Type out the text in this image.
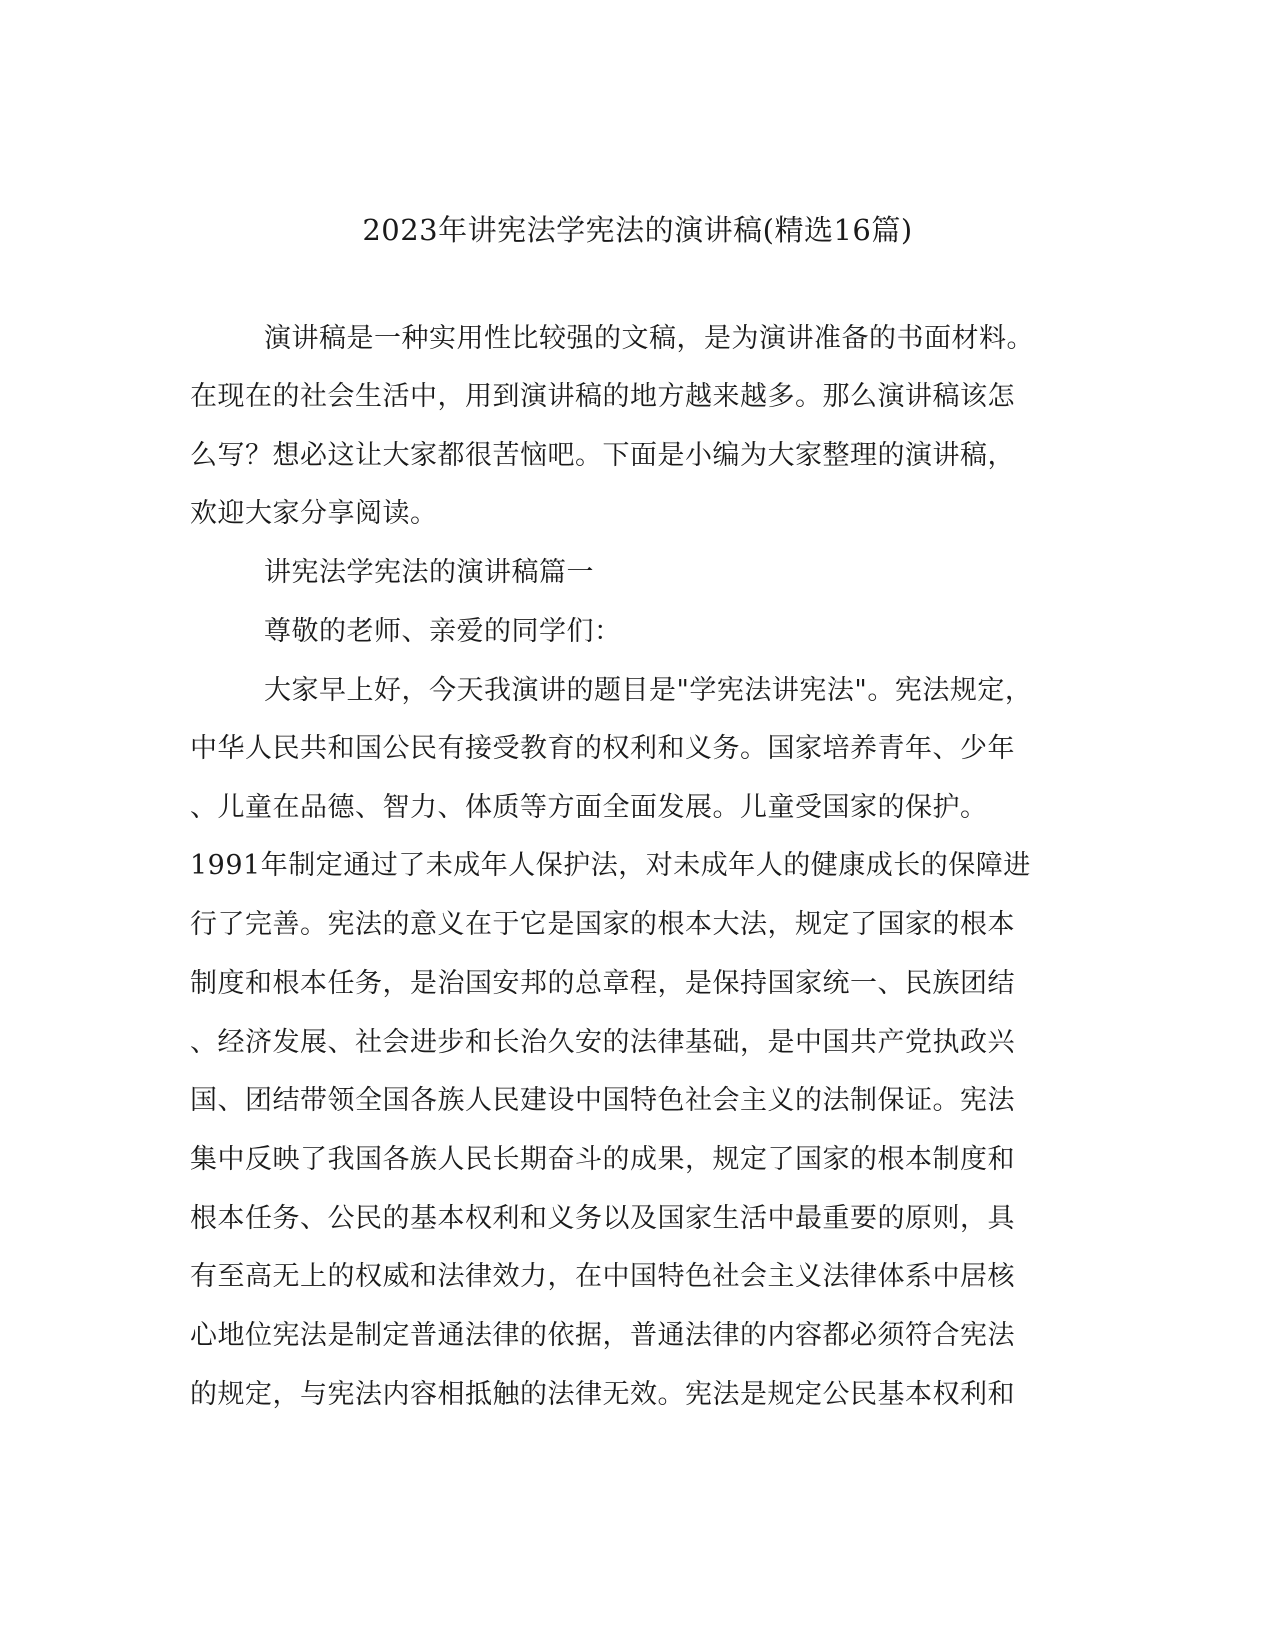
2023年讲宪法学宪法的演讲稿(精选16篇)
演讲稿是一种实用性比较强的文稿，是为演讲准备的书面材料。
在现在的社会生活中，用到演讲稿的地方越来越多。那么演讲稿该怎
么写？想必这让大家都很苦恼吧。下面是小编为大家整理的演讲稿，
欢迎大家分享阅读。
讲宪法学宪法的演讲稿篇一
尊敬的老师、亲爱的同学们：
大家早上好，今天我演讲的题目是"学宪法讲宪法"。宪法规定，
中华人民共和国公民有接受教育的权利和义务。国家培养青年、少年
、儿童在品德、智力、体质等方面全面发展。儿童受国家的保护。
1991年制定通过了未成年人保护法，对未成年人的健康成长的保障进
行了完善。宪法的意义在于它是国家的根本大法，规定了国家的根本
制度和根本任务，是治国安邦的总章程，是保持国家统一、民族团结
、经济发展、社会进步和长治久安的法律基础，是中国共产党执政兴
国、团结带领全国各族人民建设中国特色社会主义的法制保证。宪法
集中反映了我国各族人民长期奋斗的成果，规定了国家的根本制度和
根本任务、公民的基本权利和义务以及国家生活中最重要的原则，具
有至高无上的权威和法律效力，在中国特色社会主义法律体系中居核
心地位宪法是制定普通法律的依据，普通法律的内容都必须符合宪法
的规定，与宪法内容相抵触的法律无效。宪法是规定公民基本权利和
